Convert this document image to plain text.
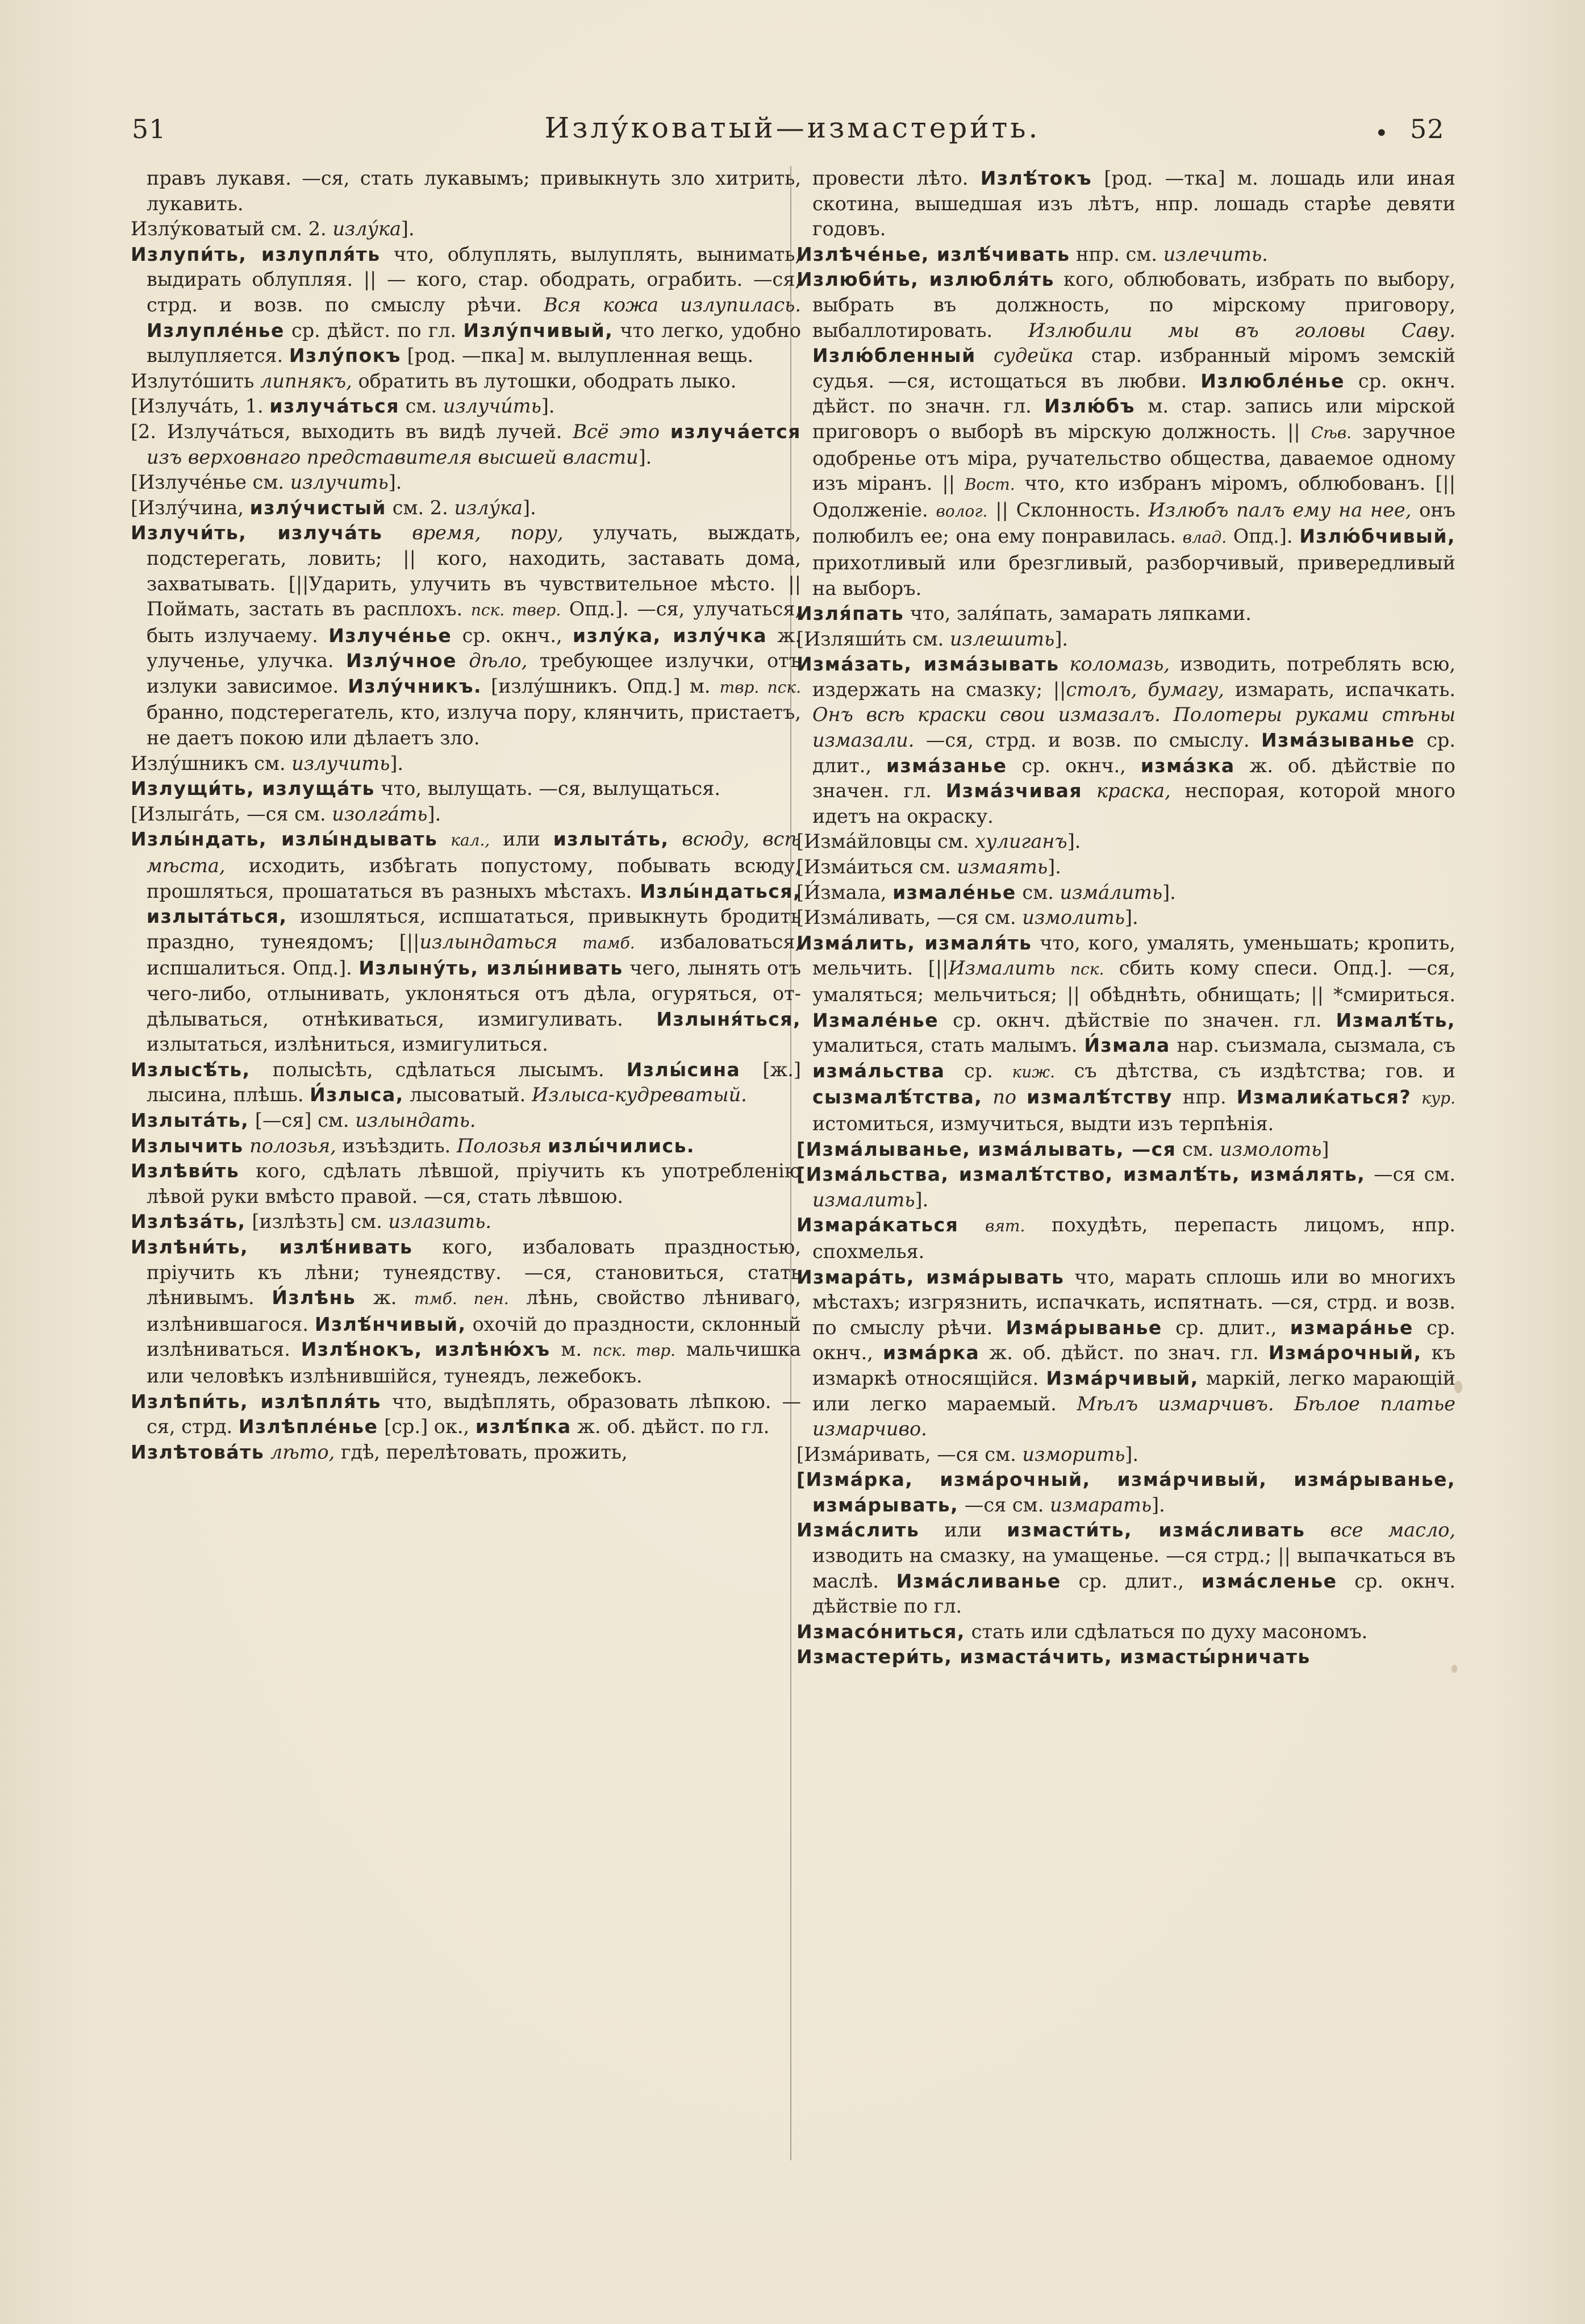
51	Излу́коватый—измастери́ть.	• 52

правъ лукавя. —ся, стать лукавымъ; привыкнуть зло хитрить, лукавить.

Излу́коватый см. 2. излу́ка].

Излупи́ть, излупля́ть что, облуплять, вылуплять, вынимать, выдирать облупляя. || — кого, стар. ободрать, ограбить. —ся, стрд. и возв. по смыслу рѣчи. Вся кожа излупилась. Излупле́нье ср. дѣйст. по гл. Излу́пчивый, что легко, удобно вылупляется. Излу́покъ [род. —пка] м. вылупленная вещь.

Излуто́шить липнякъ, обратить въ лутошки, ободрать лыко.

[Излуча́ть, 1. излуча́ться см. излучи́ть].

[2. Излуча́ться, выходить въ видѣ лучей. Всё это излуча́ется изъ верховнаго представителя высшей власти].

[Излуче́нье см. излучить].

[Излу́чина, излу́чистый см. 2. излу́ка].

Излучи́ть, излуча́ть время, пору, улучать, выждать, подстерегать, ловить; || кого, находить, заставать дома, захватывать. [||Ударить, улучить въ чувствительное мѣсто. ||Поймать, застать въ расплохъ. пск. твер. Опд.]. —ся, улучаться, быть излучаему. Излуче́нье ср. окнч., излу́ка, излу́чка ж. улученье, улучка. Излу́чное дѣло, требующее излучки, отъ излуки зависимое. Излу́чникъ. [излу́шникъ. Опд.] м. твр. пск. бранно, подстерегатель, кто, излуча пору, клянчить, пристаетъ, не даетъ покою или дѣлаетъ зло.

Излу́шникъ см. излучить].

Излущи́ть, излуща́ть что, вылущать. —ся, вылущаться.

[Излыга́ть, —ся см. изолга́ть].

Излы́ндать, излы́ндывать кал., или излыта́ть, всюду, всѣ мѣста, исходить, избѣгать попустому, побывать всюду, прошляться, прошататься въ разныхъ мѣстахъ. Излы́ндаться, излыта́ться, изошляться, испшататься, привыкнуть бродить праздно, тунеядомъ; [||излындаться тамб. избаловаться, испшалиться. Опд.]. Излыну́ть, излы́нивать чего, лынять отъ чего-либо, отлынивать, уклоняться отъ дѣла, огуряться, отдѣлываться, отнѣкиваться, измигуливать. Излыня́ться, излытаться, излѣниться, измигулиться.

Излысѣ́ть, полысѣть, сдѣлаться лысымъ. Излы́сина [ж.] лысина, плѣшь. И́злыса, лысоватый. Излыса-кудреватый.

Излыта́ть, [—ся] см. излындать.

Излычить полозья, изъѣздить. Полозья излы́чились.

Излѣви́ть кого, сдѣлать лѣвшой, пріучить къ употребленію лѣвой руки вмѣсто правой. —ся, стать лѣвшою.

Излѣза́ть, [излѣзть] см. излазить.

Излѣни́ть, излѣ́нивать кого, избаловать праздностью, пріучить къ лѣни; тунеядству. —ся, становиться, стать лѣнивымъ. И́злѣнь ж. тмб. пен. лѣнь, свойство лѣниваго, излѣнившагося. Излѣ́нчивый, охочій до праздности, склонный излѣниваться. Излѣ́нокъ, излѣню́хъ м. пск. твр. мальчишка или человѣкъ излѣнившійся, тунеядъ, лежебокъ.

Излѣпи́ть, излѣпля́ть что, выдѣплять, образовать лѣпкою. —ся, стрд. Излѣпле́нье [ср.] ок., излѣ́пка ж. об. дѣйст. по гл.

Излѣтова́ть лѣто, гдѣ, перелѣтовать, прожить,

провести лѣто. Излѣ́токъ [род. —тка] м. лошадь или иная скотина, вышедшая изъ лѣтъ, нпр. лошадь старѣе девяти годовъ.

Излѣче́нье, излѣ́чивать нпр. см. излечить.

Излюби́ть, излюбля́ть кого, облюбовать, избрать по выбору, выбрать въ должность, по мірскому приговору, выбаллотировать. Излюбили мы въ головы Саву. Излю́бленный судейка стар. избранный міромъ земскій судья. —ся, истощаться въ любви. Излюбле́нье ср. окнч. дѣйст. по значн. гл. Излю́бъ м. стар. запись или мірской приговоръ о выборѣ въ мірскую должность. || Сѣв. заручное одобренье отъ міра, ручательство общества, даваемое одному изъ міранъ. || Вост. что, кто избранъ міромъ, облюбованъ. [||Одолженіе. волог. || Склонность. Излюбъ палъ ему на нее, онъ полюбилъ ее; она ему понравилась. влад. Опд.]. Излю́бчивый, прихотливый или брезгливый, разборчивый, привередливый на выборъ.

Изля́пать что, заля́пать, замарать ляпками.

[Изляши́ть см. излешить].

Изма́зать, изма́зывать коломазь, изводить, потреблять всю, издержать на смазку; ||столъ, бумагу, измарать, испачкать. Онъ всѣ краски свои измазалъ. Полотеры руками стѣны измазали. —ся, стрд. и возв. по смыслу. Изма́зыванье ср. длит., изма́занье ср. окнч., изма́зка ж. об. дѣйствіе по значен. гл. Изма́зчивая краска, неспорая, которой много идетъ на окраску.

[Изма́йловцы см. хулиганъ].

[Изма́иться см. измаять].

[И́змала, измале́нье см. изма́лить].

[Изма́ливать, —ся см. измолить].

Изма́лить, измаля́ть что, кого, умалять, уменьшать; кропить, мельчить. [||Измалить пск. сбить кому спеси. Опд.]. —ся, умаляться; мельчиться; || обѣднѣть, обнищать; || *смириться. Измале́нье ср. окнч. дѣйствіе по значен. гл. Измалѣ́ть, умалиться, стать малымъ. И́змала нар. съизмала, сызмала, съ изма́льства ср. киж. съ дѣтства, съ издѣтства; гов. и сызмалѣ́тства, по измалѣ́тству нпр. Измалиќаться? кур. истомиться, измучиться, выдти изъ терпѣнія.

[Изма́лыванье, изма́лывать, —ся см. измолоть]

[Изма́льства, измалѣ́тство, измалѣ́ть, изма́лять, —ся см. измалить].

Измара́каться вят. похудѣть, перепасть лицомъ, нпр. спохмелья.

Измара́ть, изма́рывать что, марать сплошь или во многихъ мѣстахъ; изгрязнить, испачкать, испятнать. —ся, стрд. и возв. по смыслу рѣчи. Изма́рыванье ср. длит., измара́нье ср. окнч., изма́рка ж. об. дѣйст. по знач. гл. Изма́рочный, къ измаркѣ относящійся. Изма́рчивый, маркій, легко марающій или легко мараемый. Мѣлъ измарчивъ. Бѣлое платье измарчиво.

[Изма́ривать, —ся см. изморить].

[Изма́рка, изма́рочный, изма́рчивый, изма́рыванье, изма́рывать, —ся см. измарать].

Изма́слить или измасти́ть, изма́сливать все масло, изводить на смазку, на умащенье. —ся стрд.; || выпачкаться въ маслѣ. Изма́сливанье ср. длит., изма́сленье ср. окнч. дѣйствіе по гл.

Измасо́ниться, стать или сдѣлаться по духу масономъ.

Измастери́ть, измаста́чить, измасты́рничать
